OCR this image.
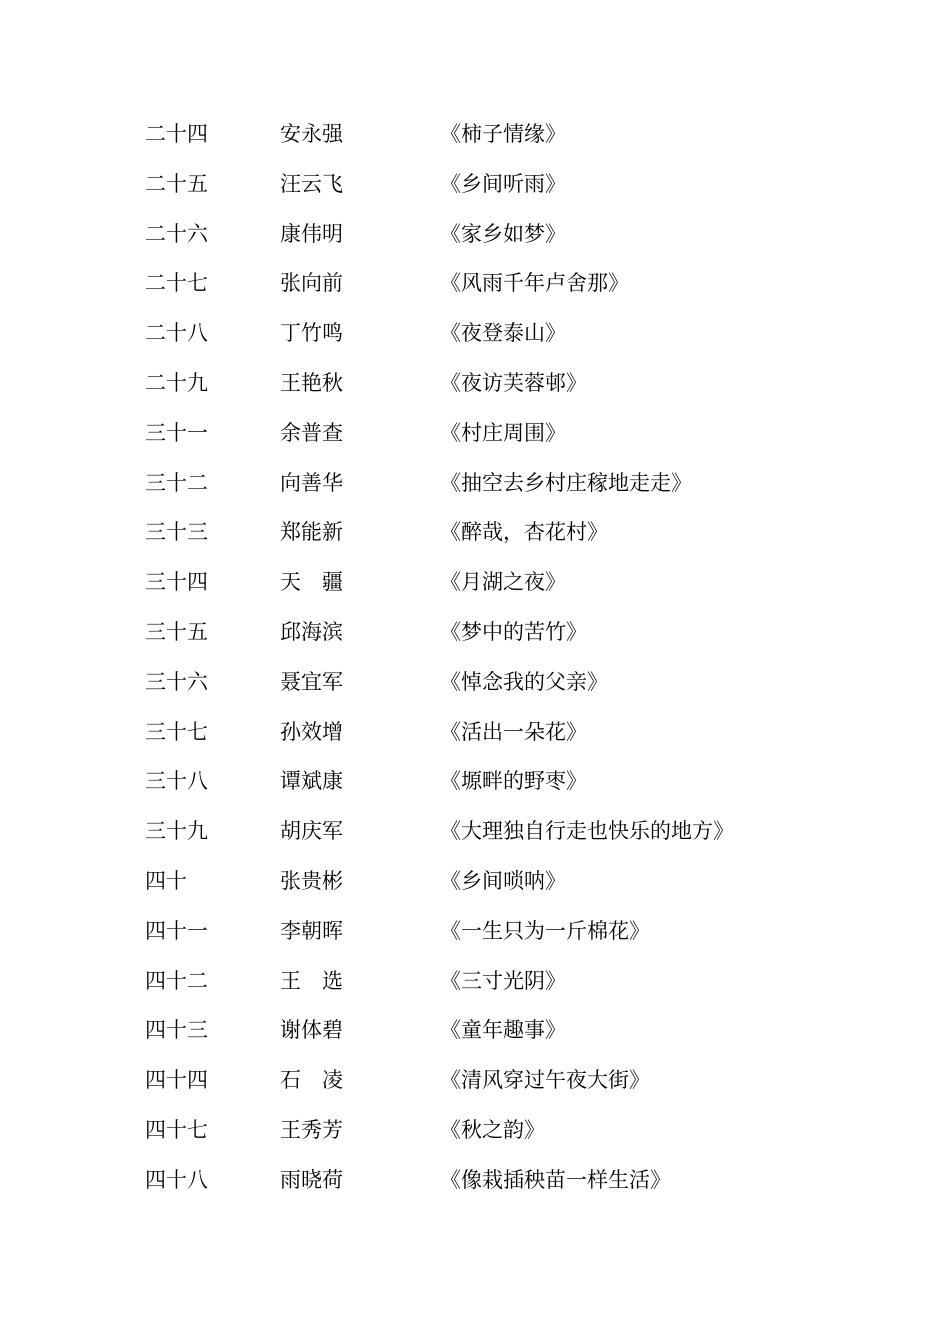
二十四	安永强	《柿子情缘》
二十五	汪云飞	《乡间听雨》
二十六	康伟明	《家乡如梦》
二十七	张向前	《风雨千年卢舍那》
二十八	丁竹鸣	《夜登泰山》
二十九	王艳秋	《夜访芙蓉邨》
三十一	余普查	《村庄周围》
三十二	向善华	《抽空去乡村庄稼地走走》
三十三	郑能新	《醉哉，杏花村》
三十四	天　疆	《月湖之夜》
三十五	邱海滨	《梦中的苦竹》
三十六	聂宜军	《悼念我的父亲》
三十七	孙效增	《活出一朵花》
三十八	谭斌康	《塬畔的野枣》
三十九	胡庆军	《大理独自行走也快乐的地方》
四十	张贵彬	《乡间唢呐》
四十一	李朝晖	《一生只为一斤棉花》
四十二	王　选	《三寸光阴》
四十三	谢体碧	《童年趣事》
四十四	石　凌	《清风穿过午夜大街》
四十七	王秀芳	《秋之韵》
四十八	雨晓荷	《像栽插秧苗一样生活》
